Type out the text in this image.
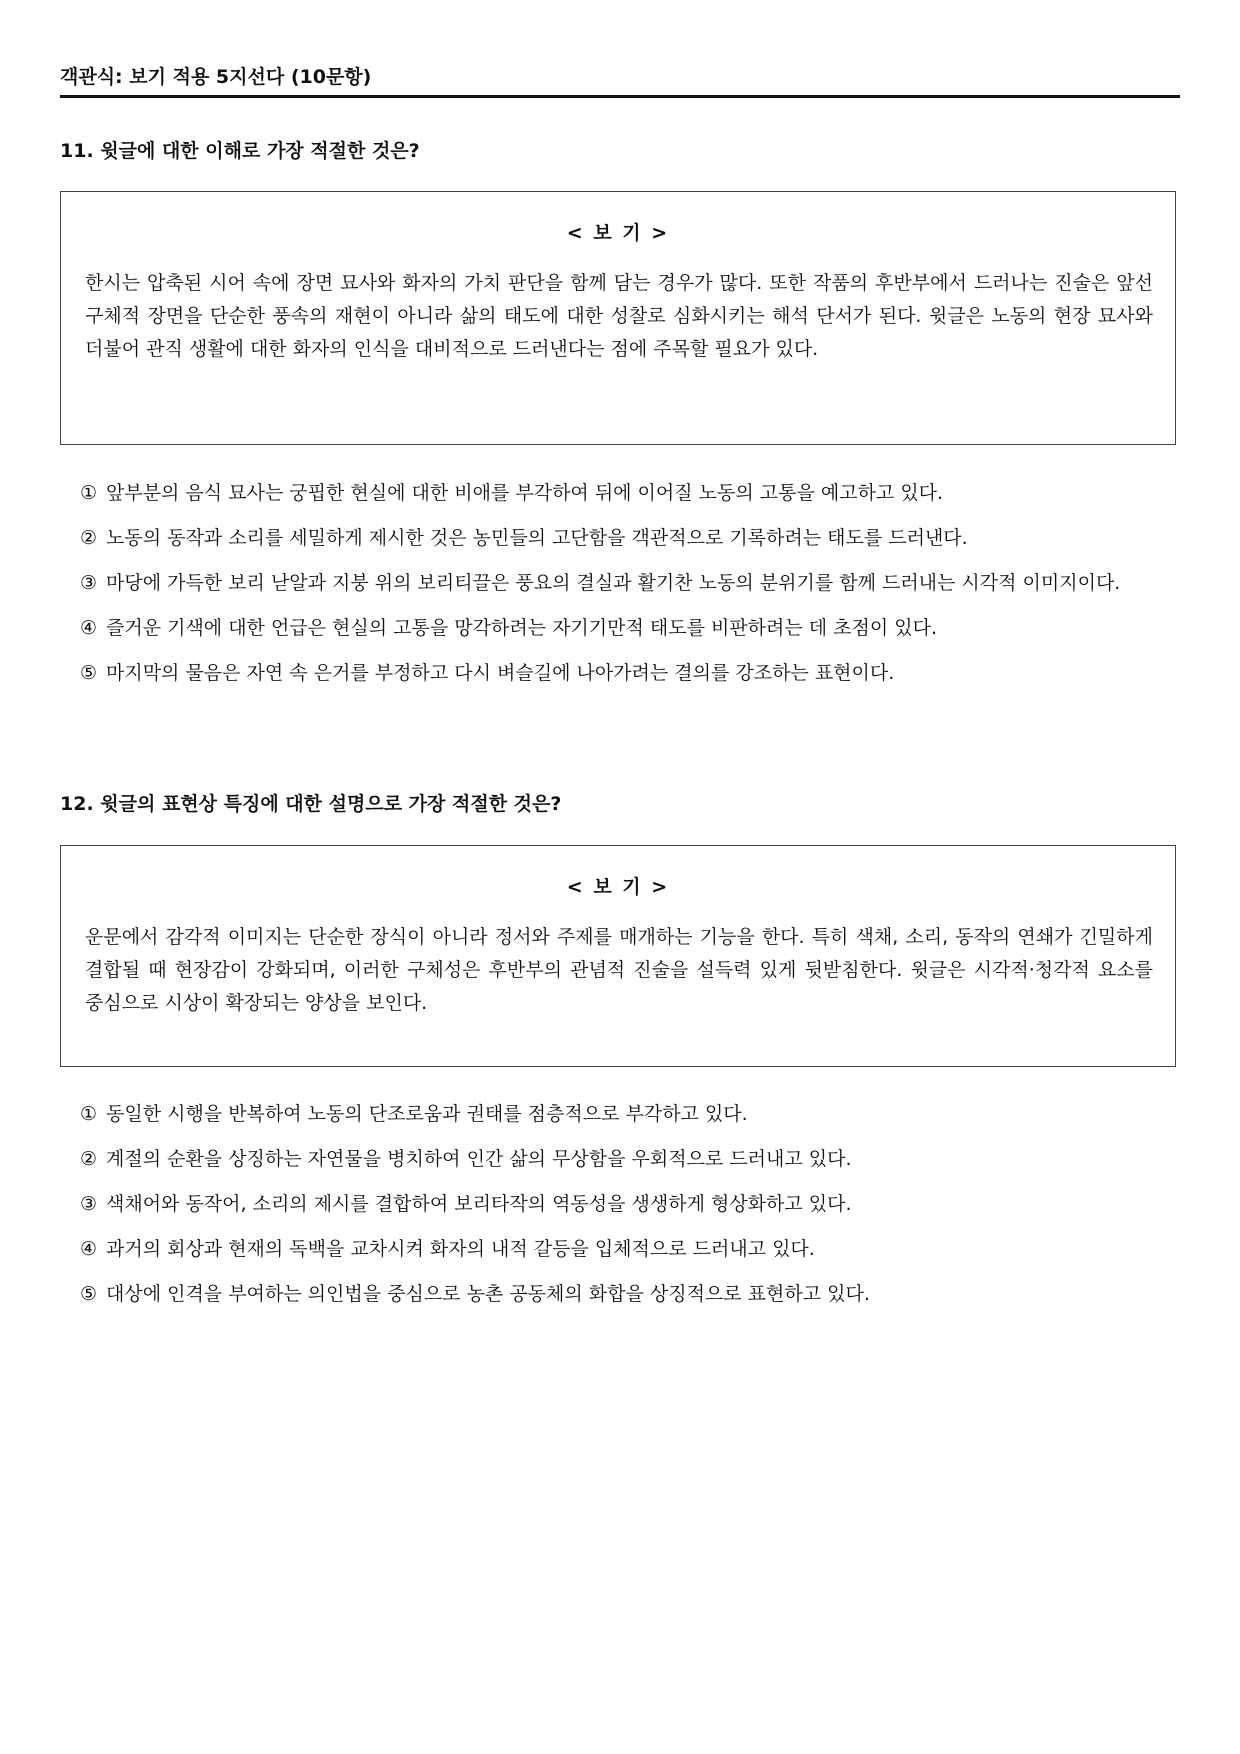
객관식: 보기 적용 5지선다 (10문항)

11. 윗글에 대한 이해로 가장 적절한 것은?

< 보 기 >
한시는 압축된 시어 속에 장면 묘사와 화자의 가치 판단을 함께 담는 경우가 많다. 또한 작품의 후반부에서 드러나는 진술은 앞선 구체적 장면을 단순한 풍속의 재현이 아니라 삶의 태도에 대한 성찰로 심화시키는 해석 단서가 된다. 윗글은 노동의 현장 묘사와 더불어 관직 생활에 대한 화자의 인식을 대비적으로 드러낸다는 점에 주목할 필요가 있다.
① 앞부분의 음식 묘사는 궁핍한 현실에 대한 비애를 부각하여 뒤에 이어질 노동의 고통을 예고하고 있다.
② 노동의 동작과 소리를 세밀하게 제시한 것은 농민들의 고단함을 객관적으로 기록하려는 태도를 드러낸다.
③ 마당에 가득한 보리 낟알과 지붕 위의 보리티끌은 풍요의 결실과 활기찬 노동의 분위기를 함께 드러내는 시각적 이미지이다.
④ 즐거운 기색에 대한 언급은 현실의 고통을 망각하려는 자기기만적 태도를 비판하려는 데 초점이 있다.
⑤ 마지막의 물음은 자연 속 은거를 부정하고 다시 벼슬길에 나아가려는 결의를 강조하는 표현이다.

12. 윗글의 표현상 특징에 대한 설명으로 가장 적절한 것은?

< 보 기 >
운문에서 감각적 이미지는 단순한 장식이 아니라 정서와 주제를 매개하는 기능을 한다. 특히 색채, 소리, 동작의 연쇄가 긴밀하게 결합될 때 현장감이 강화되며, 이러한 구체성은 후반부의 관념적 진술을 설득력 있게 뒷받침한다. 윗글은 시각적·청각적 요소를 중심으로 시상이 확장되는 양상을 보인다.
① 동일한 시행을 반복하여 노동의 단조로움과 권태를 점층적으로 부각하고 있다.
② 계절의 순환을 상징하는 자연물을 병치하여 인간 삶의 무상함을 우회적으로 드러내고 있다.
③ 색채어와 동작어, 소리의 제시를 결합하여 보리타작의 역동성을 생생하게 형상화하고 있다.
④ 과거의 회상과 현재의 독백을 교차시켜 화자의 내적 갈등을 입체적으로 드러내고 있다.
⑤ 대상에 인격을 부여하는 의인법을 중심으로 농촌 공동체의 화합을 상징적으로 표현하고 있다.
